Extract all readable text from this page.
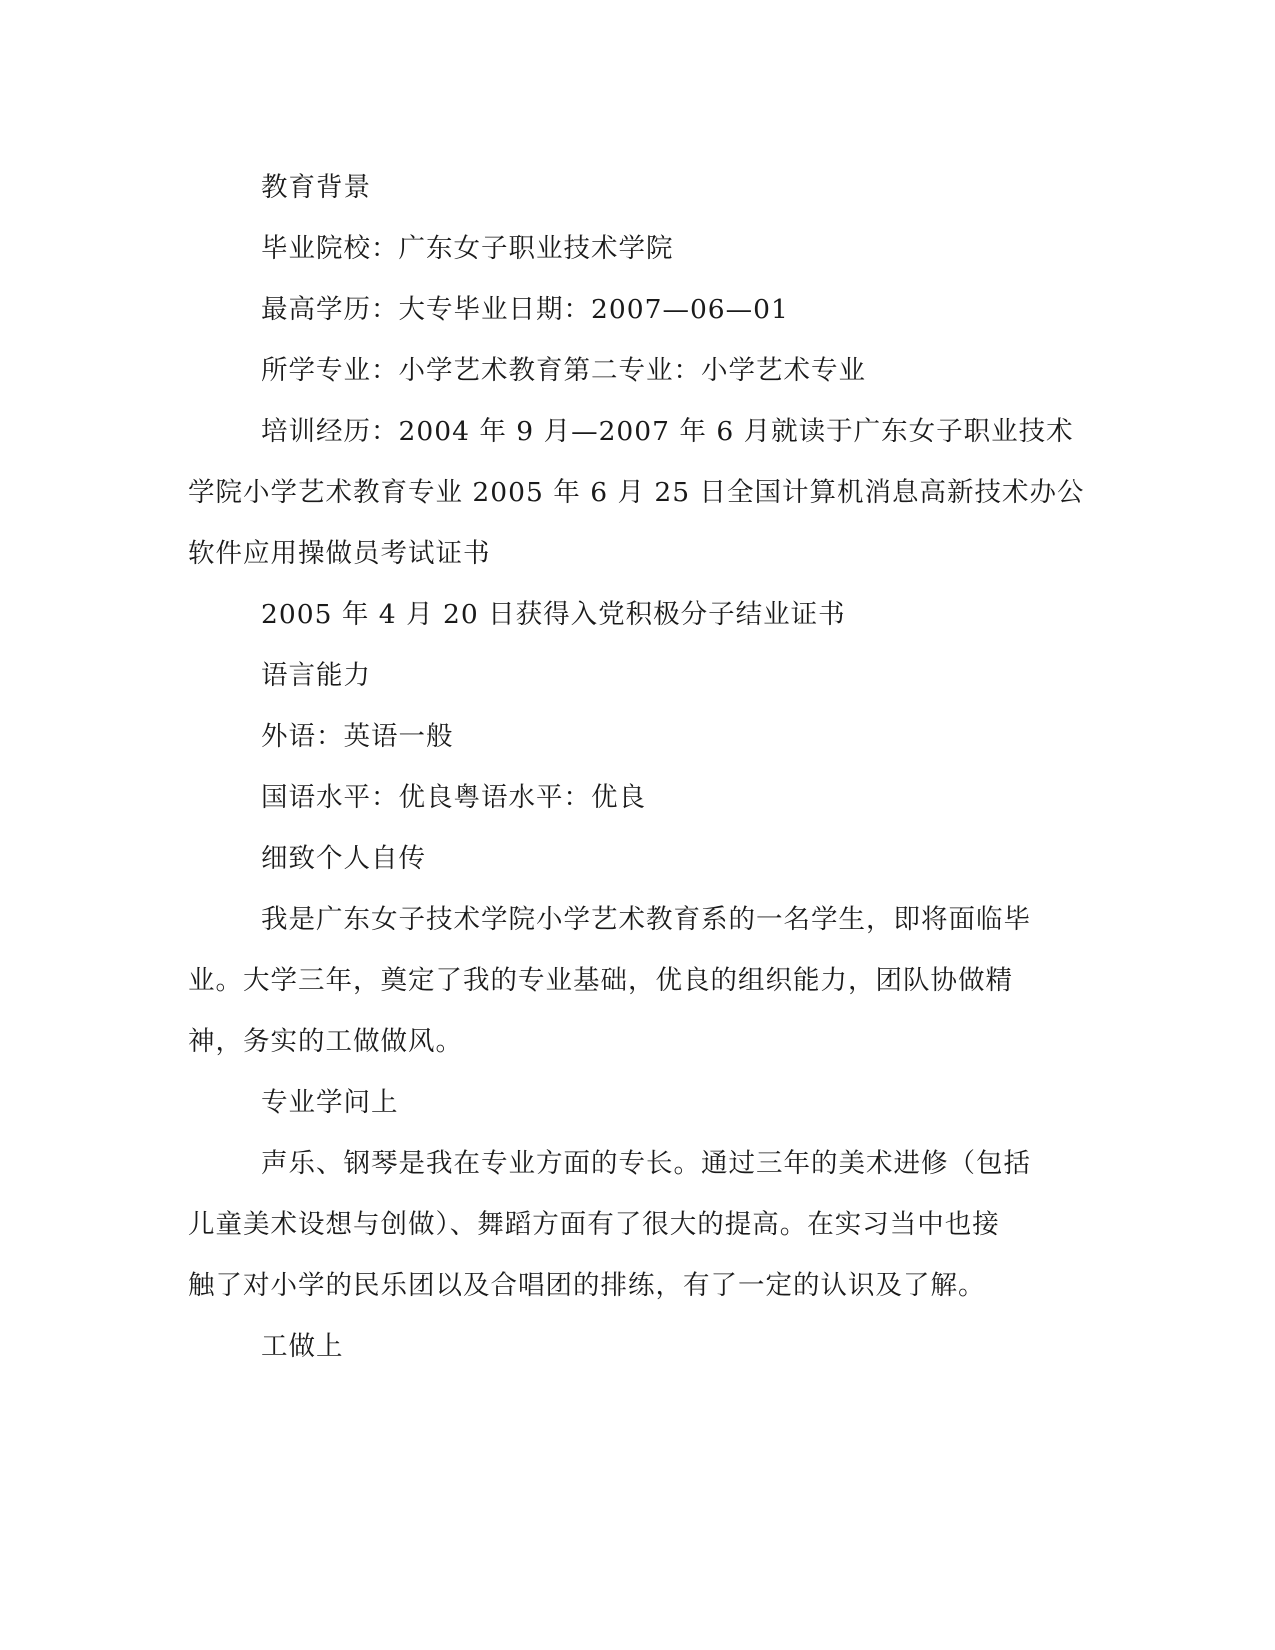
教育背景

毕业院校：广东女子职业技术学院

最高学历：大专毕业日期：2007—06—01

所学专业：小学艺术教育第二专业：小学艺术专业

培训经历：2004 年 9 月—2007 年 6 月就读于广东女子职业技术

学院小学艺术教育专业 2005 年 6 月 25 日全国计算机消息高新技术办公

软件应用操做员考试证书

2005 年 4 月 20 日获得入党积极分子结业证书

语言能力

外语：英语一般

国语水平：优良粤语水平：优良

细致个人自传

我是广东女子技术学院小学艺术教育系的一名学生，即将面临毕

业。大学三年，奠定了我的专业基础，优良的组织能力，团队协做精

神，务实的工做做风。

专业学问上

声乐、钢琴是我在专业方面的专长。通过三年的美术进修（包括

儿童美术设想与创做）、舞蹈方面有了很大的提高。在实习当中也接

触了对小学的民乐团以及合唱团的排练，有了一定的认识及了解。

工做上
